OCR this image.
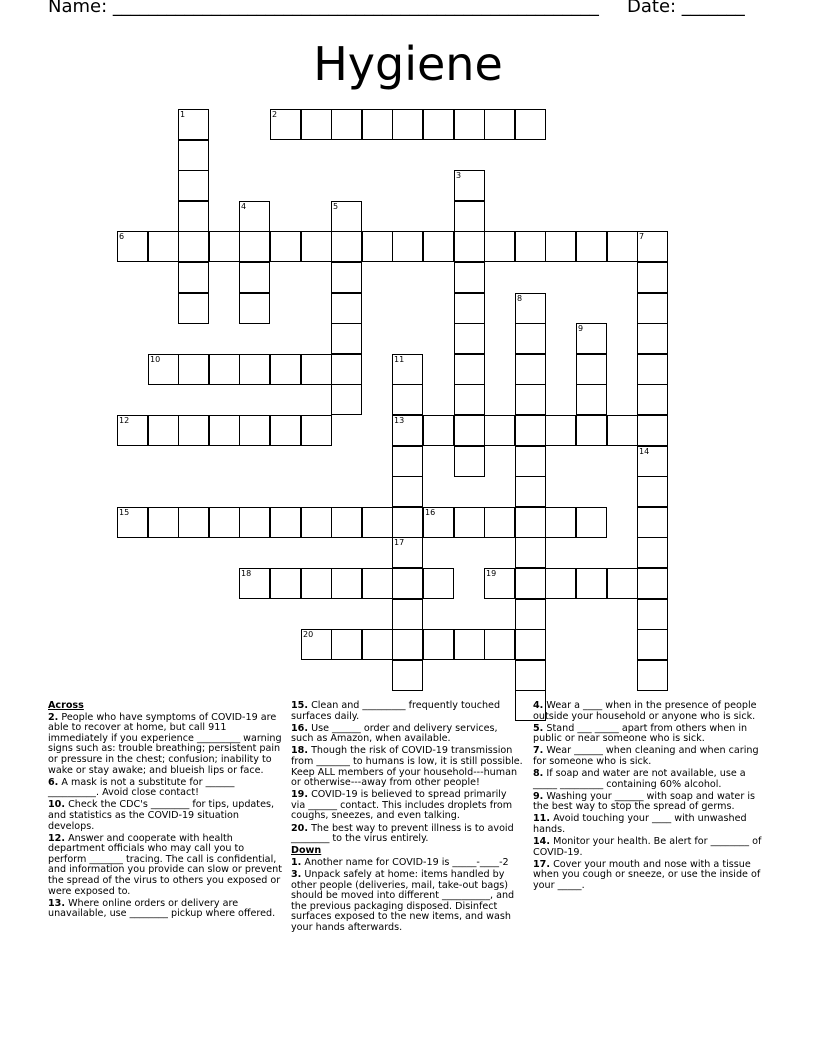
Name: ______________________________________________________ Date: _______
Hygiene
1	2
3
4	5
6	7
8
9
10	11
13
17
12
14
15	16
18	19
20
Across
2. People who have symptoms of COVID-19 are able to recover at home, but call 911 immediately if you experience _________ warning signs such as: trouble breathing; persistent pain or pressure in the chest; confusion; inability to wake or stay awake; and blueish lips or face.
6. A mask is not a substitute for ______ __________. Avoid close contact!
10. Check the CDC's ________ for tips, updates, and statistics as the COVID-19 situation develops.
12. Answer and cooperate with health department officials who may call you to perform _______ tracing. The call is confidential, and information you provide can slow or prevent the spread of the virus to others you exposed or were exposed to.
13. Where online orders or delivery are unavailable, use ________ pickup where offered.
15. Clean and _________ frequently touched surfaces daily.
16. Use ______ order and delivery services, such as Amazon, when available.
18. Though the risk of COVID-19 transmission from _______ to humans is low, it is still possible. Keep ALL members of your household---human or otherwise---away from other people!
19. COVID-19 is believed to spread primarily via ______ contact. This includes droplets from coughs, sneezes, and even talking.
20. The best way to prevent illness is to avoid ________ to the virus entirely.
Down
1. Another name for COVID-19 is _____-____-2
3. Unpack safely at home: items handled by other people (deliveries, mail, take-out bags) should be moved into different __________, and the previous packaging disposed. Disinfect surfaces exposed to the new items, and wash your hands afterwards.
4. Wear a ____ when in the presence of people outside your household or anyone who is sick.
5. Stand ___ _____ apart from others when in public or near someone who is sick.
7. Wear ______ when cleaning and when caring for someone who is sick.
8. If soap and water are not available, use a _____ _________ containing 60% alcohol.
9. Washing your ______ with soap and water is the best way to stop the spread of germs.
11. Avoid touching your ____ with unwashed hands.
14. Monitor your health. Be alert for ________ of COVID-19.
17. Cover your mouth and nose with a tissue when you cough or sneeze, or use the inside of your _____.
